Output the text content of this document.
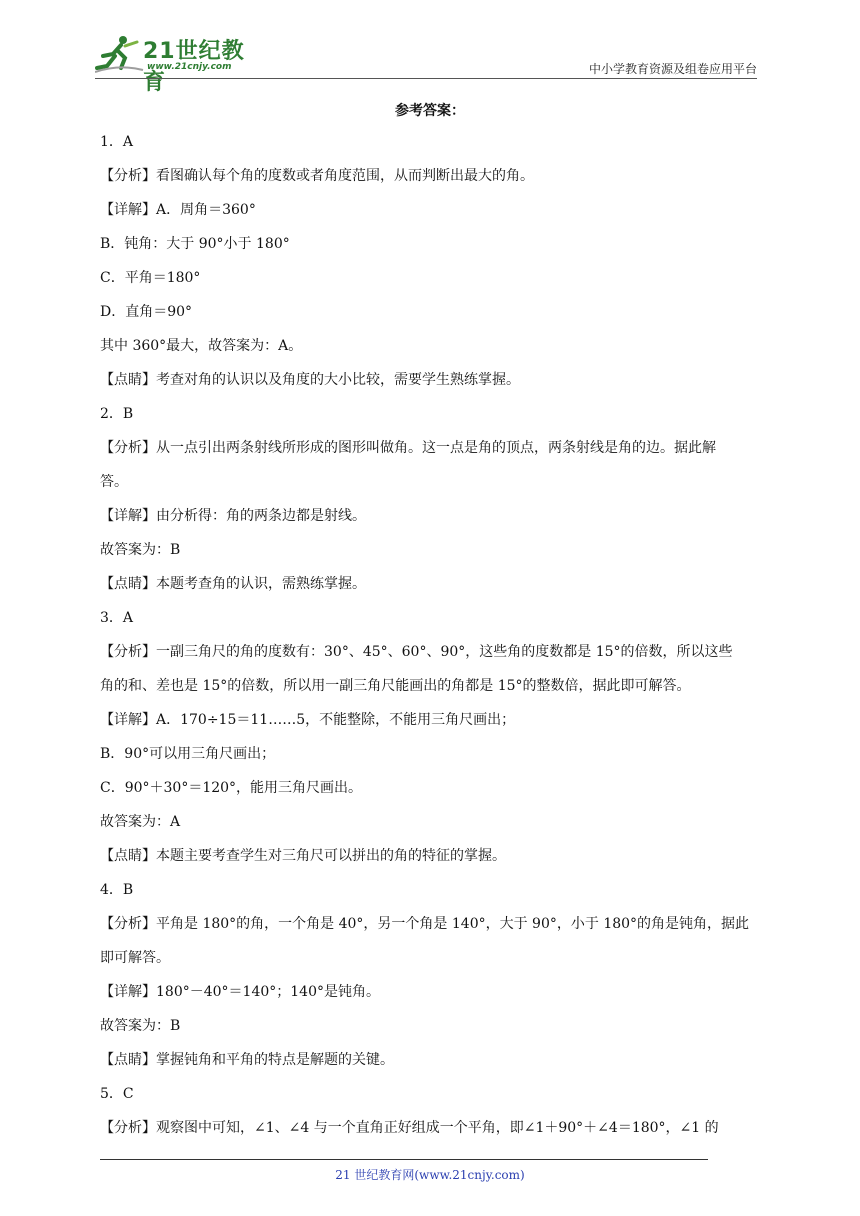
21世纪教育
www.21cnjy.com	中小学教育资源及组卷应用平台
参考答案：
1．A
【分析】看图确认每个角的度数或者角度范围，从而判断出最大的角。
【详解】A．周角＝360°
B．钝角：大于 90°小于 180°
C．平角＝180°
D．直角＝90°
其中 360°最大，故答案为：A。
【点睛】考查对角的认识以及角度的大小比较，需要学生熟练掌握。
2．B
【分析】从一点引出两条射线所形成的图形叫做角。这一点是角的顶点，两条射线是角的边。据此解
答。
【详解】由分析得：角的两条边都是射线。
故答案为：B
【点睛】本题考查角的认识，需熟练掌握。
3．A
【分析】一副三角尺的角的度数有：30°、45°、60°、90°，这些角的度数都是 15°的倍数，所以这些
角的和、差也是 15°的倍数，所以用一副三角尺能画出的角都是 15°的整数倍，据此即可解答。
【详解】A．170÷15＝11……5，不能整除，不能用三角尺画出；
B．90°可以用三角尺画出；
C．90°＋30°＝120°，能用三角尺画出。
故答案为：A
【点睛】本题主要考查学生对三角尺可以拼出的角的特征的掌握。
4．B
【分析】平角是 180°的角，一个角是 40°，另一个角是 140°，大于 90°，小于 180°的角是钝角，据此
即可解答。
【详解】180°－40°＝140°；140°是钝角。
故答案为：B
【点睛】掌握钝角和平角的特点是解题的关键。
5．C
【分析】观察图中可知，∠1、∠4 与一个直角正好组成一个平角，即∠1＋90°＋∠4＝180°，∠1 的
21 世纪教育网(www.21cnjy.com)
